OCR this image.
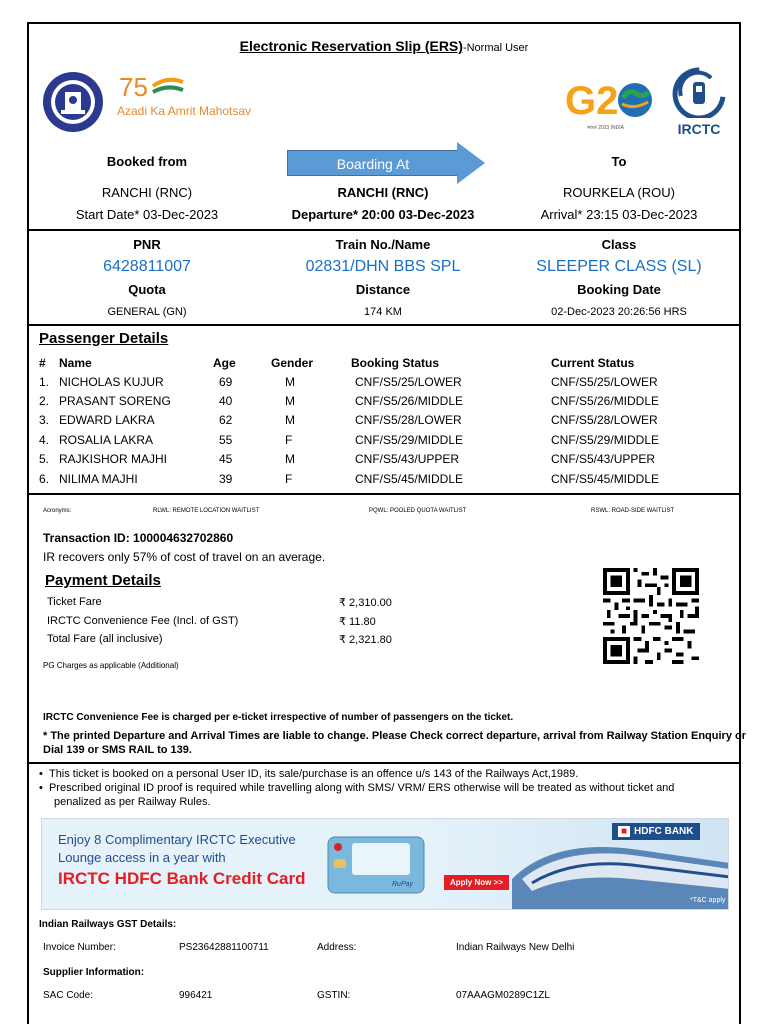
Electronic Reservation Slip (ERS)-Normal User
75
Azadi Ka Amrit Mahotsav	G2
भारत 2023 INDIA	IRCTC
Booked from	Boarding At	To
RANCHI (RNC)	RANCHI (RNC)	ROURKELA (ROU)
Start Date* 03-Dec-2023	Departure* 20:00 03-Dec-2023	Arrival* 23:15 03-Dec-2023
PNR	Train No./Name	Class
6428811007	02831/DHN BBS SPL	SLEEPER CLASS (SL)
Quota	Distance	Booking Date
GENERAL (GN)	174 KM	02-Dec-2023 20:26:56 HRS
Passenger Details
#	Name	Age	Gender	Booking Status	Current Status
1.	NICHOLAS KUJUR	69	M	CNF/S5/25/LOWER	CNF/S5/25/LOWER
2.	PRASANT SORENG	40	M	CNF/S5/26/MIDDLE	CNF/S5/26/MIDDLE
3.	EDWARD LAKRA	62	M	CNF/S5/28/LOWER	CNF/S5/28/LOWER
4.	ROSALIA LAKRA	55	F	CNF/S5/29/MIDDLE	CNF/S5/29/MIDDLE
5.	RAJKISHOR MAJHI	45	M	CNF/S5/43/UPPER	CNF/S5/43/UPPER
6.	NILIMA MAJHI	39	F	CNF/S5/45/MIDDLE	CNF/S5/45/MIDDLE
Acronyms:	RLWL: REMOTE LOCATION WAITLIST	PQWL: POOLED QUOTA WAITLIST	RSWL: ROAD-SIDE WAITLIST
Transaction ID: 100004632702860
IR recovers only 57% of cost of travel on an average.
Payment Details
Ticket Fare	₹ 2,310.00
IRCTC Convenience Fee (Incl. of GST)	₹ 11.80
Total Fare (all inclusive)	₹ 2,321.80
PG Charges as applicable (Additional)
IRCTC Convenience Fee is charged per e-ticket irrespective of number of passengers on the ticket.
* The printed Departure and Arrival Times are liable to change. Please Check correct departure, arrival from Railway Station Enquiry or
Dial 139 or SMS RAIL to 139.
•  This ticket is booked on a personal User ID, its sale/purchase is an offence u/s 143 of the Railways Act,1989.
•  Prescribed original ID proof is required while travelling along with SMS/ VRM/ ERS otherwise will be treated as without ticket and
penalized as per Railway Rules.
Enjoy 8 Complimentary IRCTC Executive
Lounge access in a year with
IRCTC HDFC Bank Credit Card	RuPay	Apply Now >>
■ HDFC BANK
*T&C apply
Indian Railways GST Details:
Invoice Number:	PS23642881100711	Address:	Indian Railways New Delhi
Supplier Information:
SAC Code:	996421	GSTIN:	07AAAGM0289C1ZL
